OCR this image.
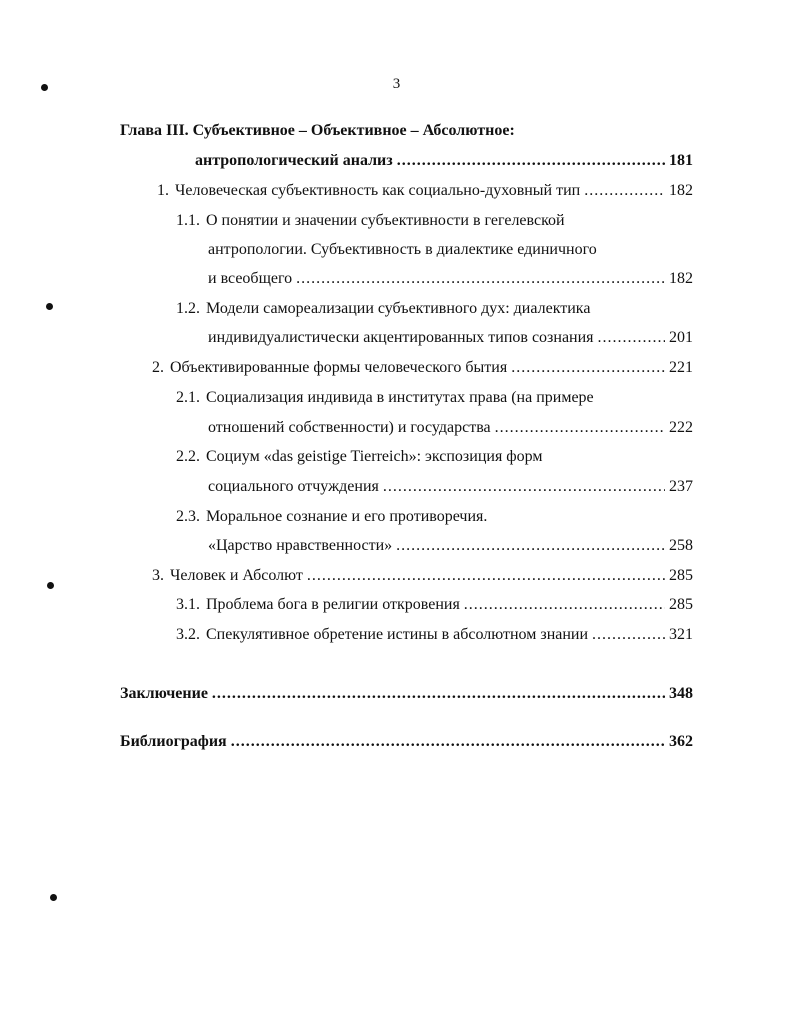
3
Глава III. Субъективное – Объективное – Абсолютное:
антропологический анализ .....	181
1. Человеческая субъективность как социально-духовный тип .....	182
1.1. О понятии и значении субъективности в гегелевской
антропологии. Субъективность в диалектике единичного
и всеобщего .....	182
1.2. Модели самореализации субъективного дух: диалектика
индивидуалистически акцентированных типов сознания .....	201
2. Объективированные формы человеческого бытия .....	221
2.1. Социализация индивида в институтах права (на примере
отношений собственности) и государства .....	222
2.2. Социум «das geistige Tierreich»: экспозиция форм
социального отчуждения .....	237
2.3. Моральное сознание и его противоречия.
«Царство нравственности» .....	258
3. Человек и Абсолют .....	285
3.1. Проблема бога в религии откровения .....	285
3.2. Спекулятивное обретение истины в абсолютном знании .....	321
Заключение .....	348
Библиография .....	362
